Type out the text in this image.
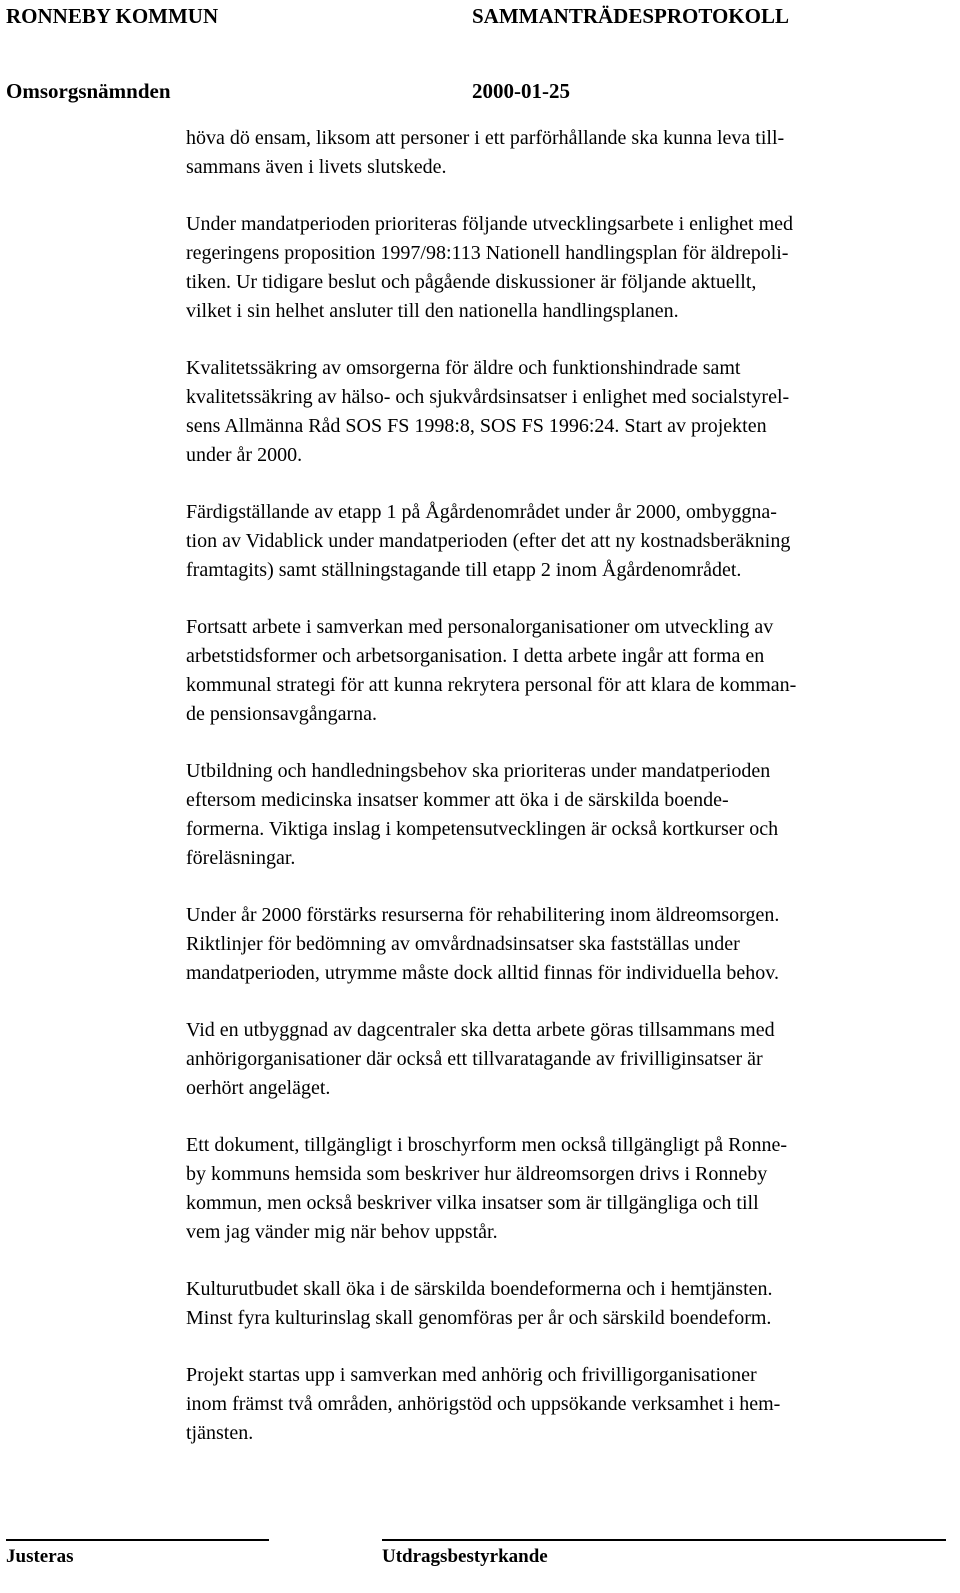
RONNEBY KOMMUN	SAMMANTRÄDESPROTOKOLL
Omsorgsnämnden	2000-01-25

höva dö ensam, liksom att personer i ett parförhållande ska kunna leva till-
sammans även i livets slutskede.

Under mandatperioden prioriteras följande utvecklingsarbete i enlighet med
regeringens proposition 1997/98:113 Nationell handlingsplan för äldrepoli-
tiken. Ur tidigare beslut och pågående diskussioner är följande aktuellt,
vilket i sin helhet ansluter till den nationella handlingsplanen.

Kvalitetssäkring av omsorgerna för äldre och funktionshindrade samt
kvalitetssäkring av hälso- och sjukvårdsinsatser i enlighet med socialstyrel-
sens Allmänna Råd SOS FS 1998:8, SOS FS 1996:24. Start av projekten
under år 2000.

Färdigställande av etapp 1 på Ågårdenområdet under år 2000, ombyggna-
tion av Vidablick under mandatperioden (efter det att ny kostnadsberäkning
framtagits) samt ställningstagande till etapp 2 inom Ågårdenområdet.

Fortsatt arbete i samverkan med personalorganisationer om utveckling av
arbetstidsformer och arbetsorganisation. I detta arbete ingår att forma en
kommunal strategi för att kunna rekrytera personal för att klara de komman-
de pensionsavgångarna.

Utbildning och handledningsbehov ska prioriteras under mandatperioden
eftersom medicinska insatser kommer att öka i de särskilda boende-
formerna. Viktiga inslag i kompetensutvecklingen är också kortkurser och
föreläsningar.

Under år 2000 förstärks resurserna för rehabilitering inom äldreomsorgen.
Riktlinjer för bedömning av omvårdnadsinsatser ska fastställas under
mandatperioden, utrymme måste dock alltid finnas för individuella behov.

Vid en utbyggnad av dagcentraler ska detta arbete göras tillsammans med
anhörigorganisationer där också ett tillvaratagande av frivilliginsatser är
oerhört angeläget.

Ett dokument, tillgängligt i broschyrform men också tillgängligt på Ronne-
by kommuns hemsida som beskriver hur äldreomsorgen drivs i Ronneby
kommun, men också beskriver vilka insatser som är tillgängliga och till
vem jag vänder mig när behov uppstår.

Kulturutbudet skall öka i de särskilda boendeformerna och i hemtjänsten.
Minst fyra kulturinslag skall genomföras per år och särskild boendeform.

Projekt startas upp i samverkan med anhörig och frivilligorganisationer
inom främst två områden, anhörigstöd och uppsökande verksamhet i hem-
tjänsten.

Justeras	Utdragsbestyrkande
